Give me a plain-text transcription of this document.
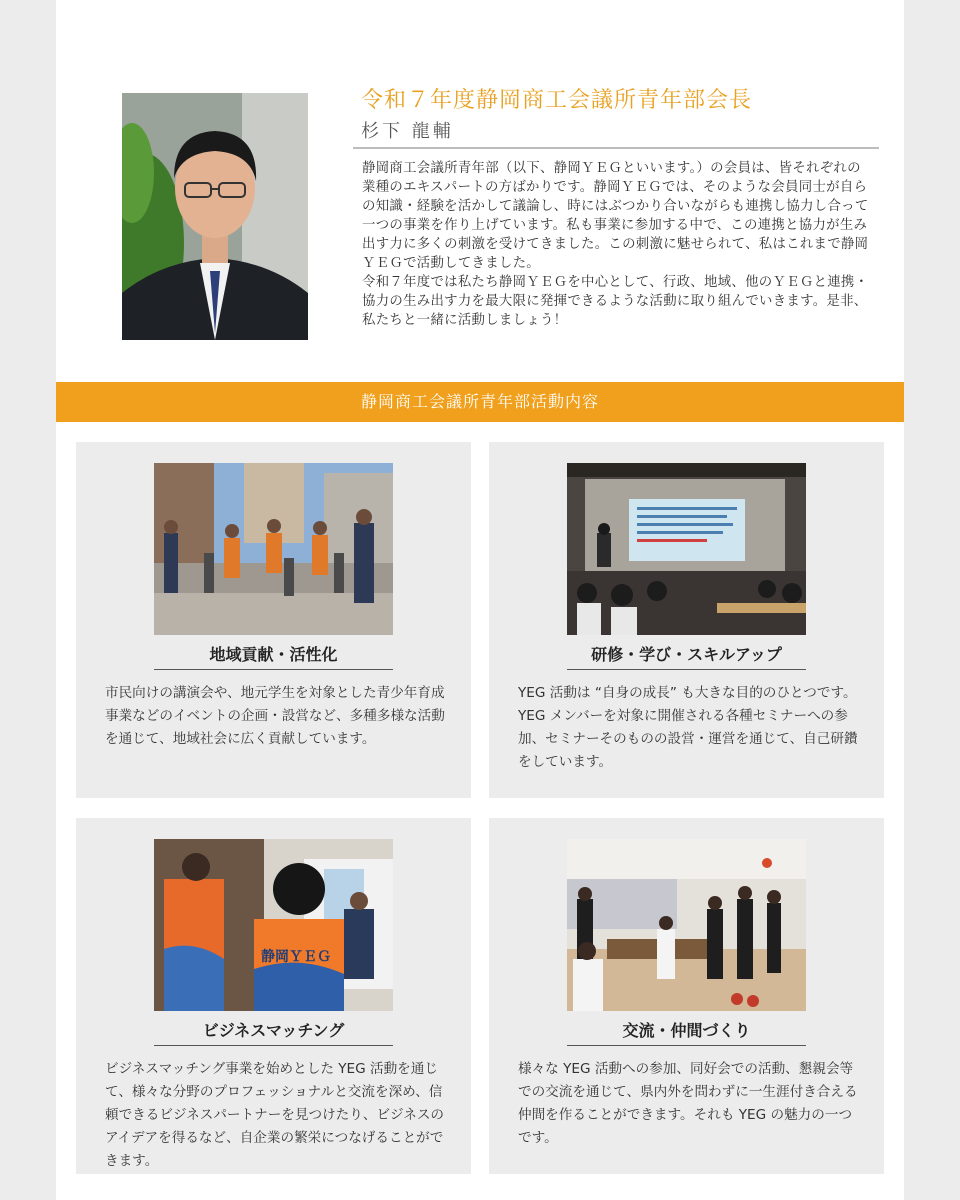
令和７年度静岡商工会議所青年部会長
杉下 龍輔

静岡商工会議所青年部（以下、静岡ＹＥＧといいます。）の会員は、皆それぞれの業種のエキスパートの方ばかりです。静岡ＹＥＧでは、そのような会員同士が自らの知識・経験を活かして議論し、時にはぶつかり合いながらも連携し協力し合って一つの事業を作り上げています。私も事業に参加する中で、この連携と協力が生み出す力に多くの刺激を受けてきました。この刺激に魅せられて、私はこれまで静岡ＹＥＧで活動してきました。

令和７年度では私たち静岡ＹＥＧを中心として、行政、地域、他のＹＥＧと連携・協力の生み出す力を最大限に発揮できるような活動に取り組んでいきます。是非、私たちと一緒に活動しましょう！

静岡商工会議所青年部活動内容
地域貢献・活性化
市民向けの講演会や、地元学生を対象とした青少年育成事業などのイベントの企画・設営など、多種多様な活動を通じて、地域社会に広く貢献しています。
研修・学び・スキルアップ
YEG 活動は “自身の成長” も大きな目的のひとつです。YEG メンバーを対象に開催される各種セミナーへの参加、セミナーそのものの設営・運営を通じて、自己研鑽をしています。
静岡ＹＥＧ
ビジネスマッチング
ビジネスマッチング事業を始めとした YEG 活動を通じて、様々な分野のプロフェッショナルと交流を深め、信頼できるビジネスパートナーを見つけたり、ビジネスのアイデアを得るなど、自企業の繁栄につなげることができます。
交流・仲間づくり
様々な YEG 活動への参加、同好会での活動、懇親会等での交流を通じて、県内外を問わずに一生涯付き合える仲間を作ることができます。それも YEG の魅力の一つです。
